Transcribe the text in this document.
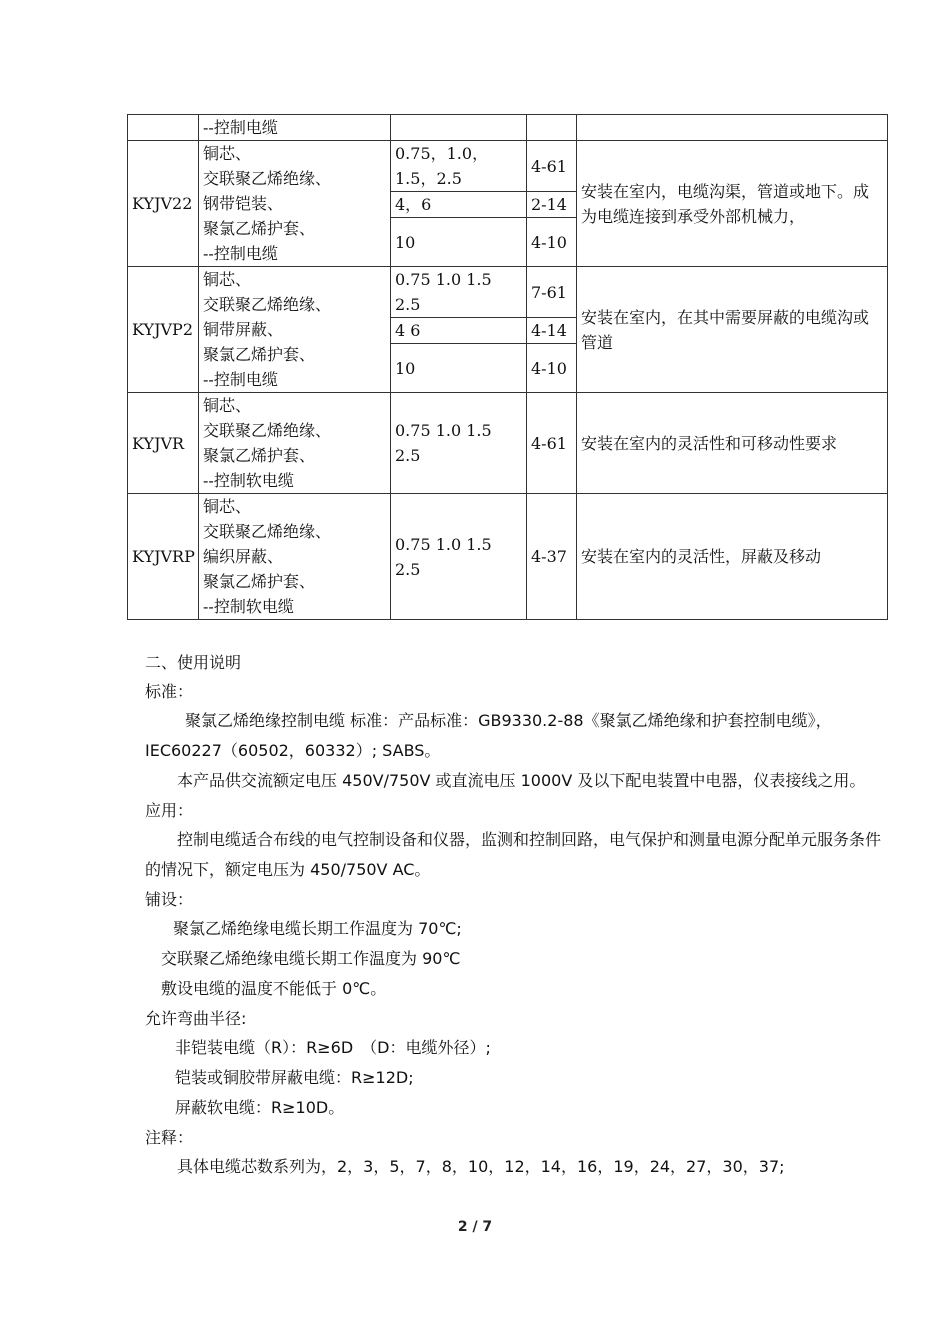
	--控制电缆			
KYJV22	铜芯、
交联聚乙烯绝缘、
钢带铠装、
聚氯乙烯护套、
--控制电缆	0.75，1.0，
1.5，2.5	4-61	安装在室内，电缆沟渠，管道或地下。成为电缆连接到承受外部机械力，
		4，6	2-14	
		10	4-10	
KYJVP2	铜芯、
交联聚乙烯绝缘、
铜带屏蔽、
聚氯乙烯护套、
--控制电缆	0.75 1.0 1.5
2.5	7-61	安装在室内，在其中需要屏蔽的电缆沟或管道
		4 6	4-14	
		10	4-10	
KYJVR	铜芯、
交联聚乙烯绝缘、
聚氯乙烯护套、
--控制软电缆	0.75 1.0 1.5
2.5	4-61	安装在室内的灵活性和可移动性要求
KYJVRP	铜芯、
交联聚乙烯绝缘、
编织屏蔽、
聚氯乙烯护套、
--控制软电缆	0.75 1.0 1.5
2.5	4-37	安装在室内的灵活性，屏蔽及移动

二、使用说明

标准：

聚氯乙烯绝缘控制电缆 标准：产品标准：GB9330.2-88《聚氯乙烯绝缘和护套控制电缆》，IEC60227（60502，60332）; SABS。

本产品供交流额定电压 450V/750V 或直流电压 1000V 及以下配电装置中电器，仪表接线之用。

应用：

控制电缆适合布线的电气控制设备和仪器，监测和控制回路，电气保护和测量电源分配单元服务条件 的情况下，额定电压为 450/750V AC。

铺设：

聚氯乙烯绝缘电缆长期工作温度为 70℃;

交联聚乙烯绝缘电缆长期工作温度为 90℃

敷设电缆的温度不能低于 0℃。

允许弯曲半径:

非铠装电缆（R）：R≥6D　（D：电缆外径）;

铠装或铜胶带屏蔽电缆：R≥12D;

屏蔽软电缆：R≥10D。

注释：

具体电缆芯数系列为，2，3，5，7，8，10，12，14，16，19，24，27，30，37;

2 / 7
